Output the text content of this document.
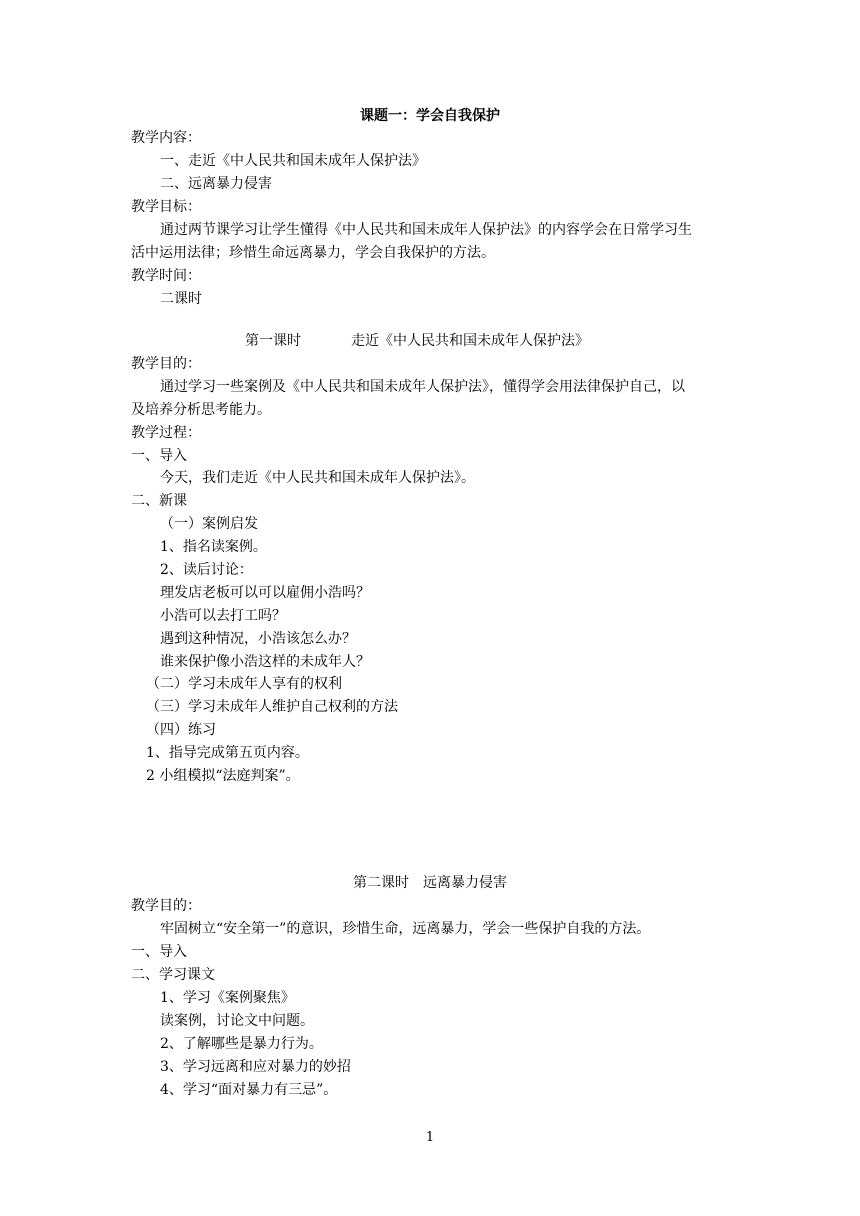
课题一：学会自我保护
教学内容：
一、走近《中人民共和国未成年人保护法》
二、远离暴力侵害
教学目标：
通过两节课学习让学生懂得《中人民共和国未成年人保护法》的内容学会在日常学习生
活中运用法律；珍惜生命远离暴力，学会自我保护的方法。
教学时间：
二课时
第一课时	走近《中人民共和国未成年人保护法》
教学目的：
通过学习一些案例及《中人民共和国未成年人保护法》，懂得学会用法律保护自己，以
及培养分析思考能力。
教学过程：
一、导入
今天，我们走近《中人民共和国未成年人保护法》。
二、新课
（一）案例启发
1、指名读案例。
2、读后讨论：
理发店老板可以可以雇佣小浩吗？
小浩可以去打工吗？
遇到这种情况，小浩该怎么办？
谁来保护像小浩这样的未成年人？
（二）学习未成年人享有的权利
（三）学习未成年人维护自己权利的方法
（四）练习
1、指导完成第五页内容。
2 小组模拟“法庭判案”。
第二课时　远离暴力侵害
教学目的：
牢固树立“安全第一”的意识，珍惜生命，远离暴力，学会一些保护自我的方法。
一、导入
二、学习课文
1、学习《案例聚焦》
读案例，讨论文中问题。
2、了解哪些是暴力行为。
3、学习远离和应对暴力的妙招
4、学习“面对暴力有三忌”。
1
